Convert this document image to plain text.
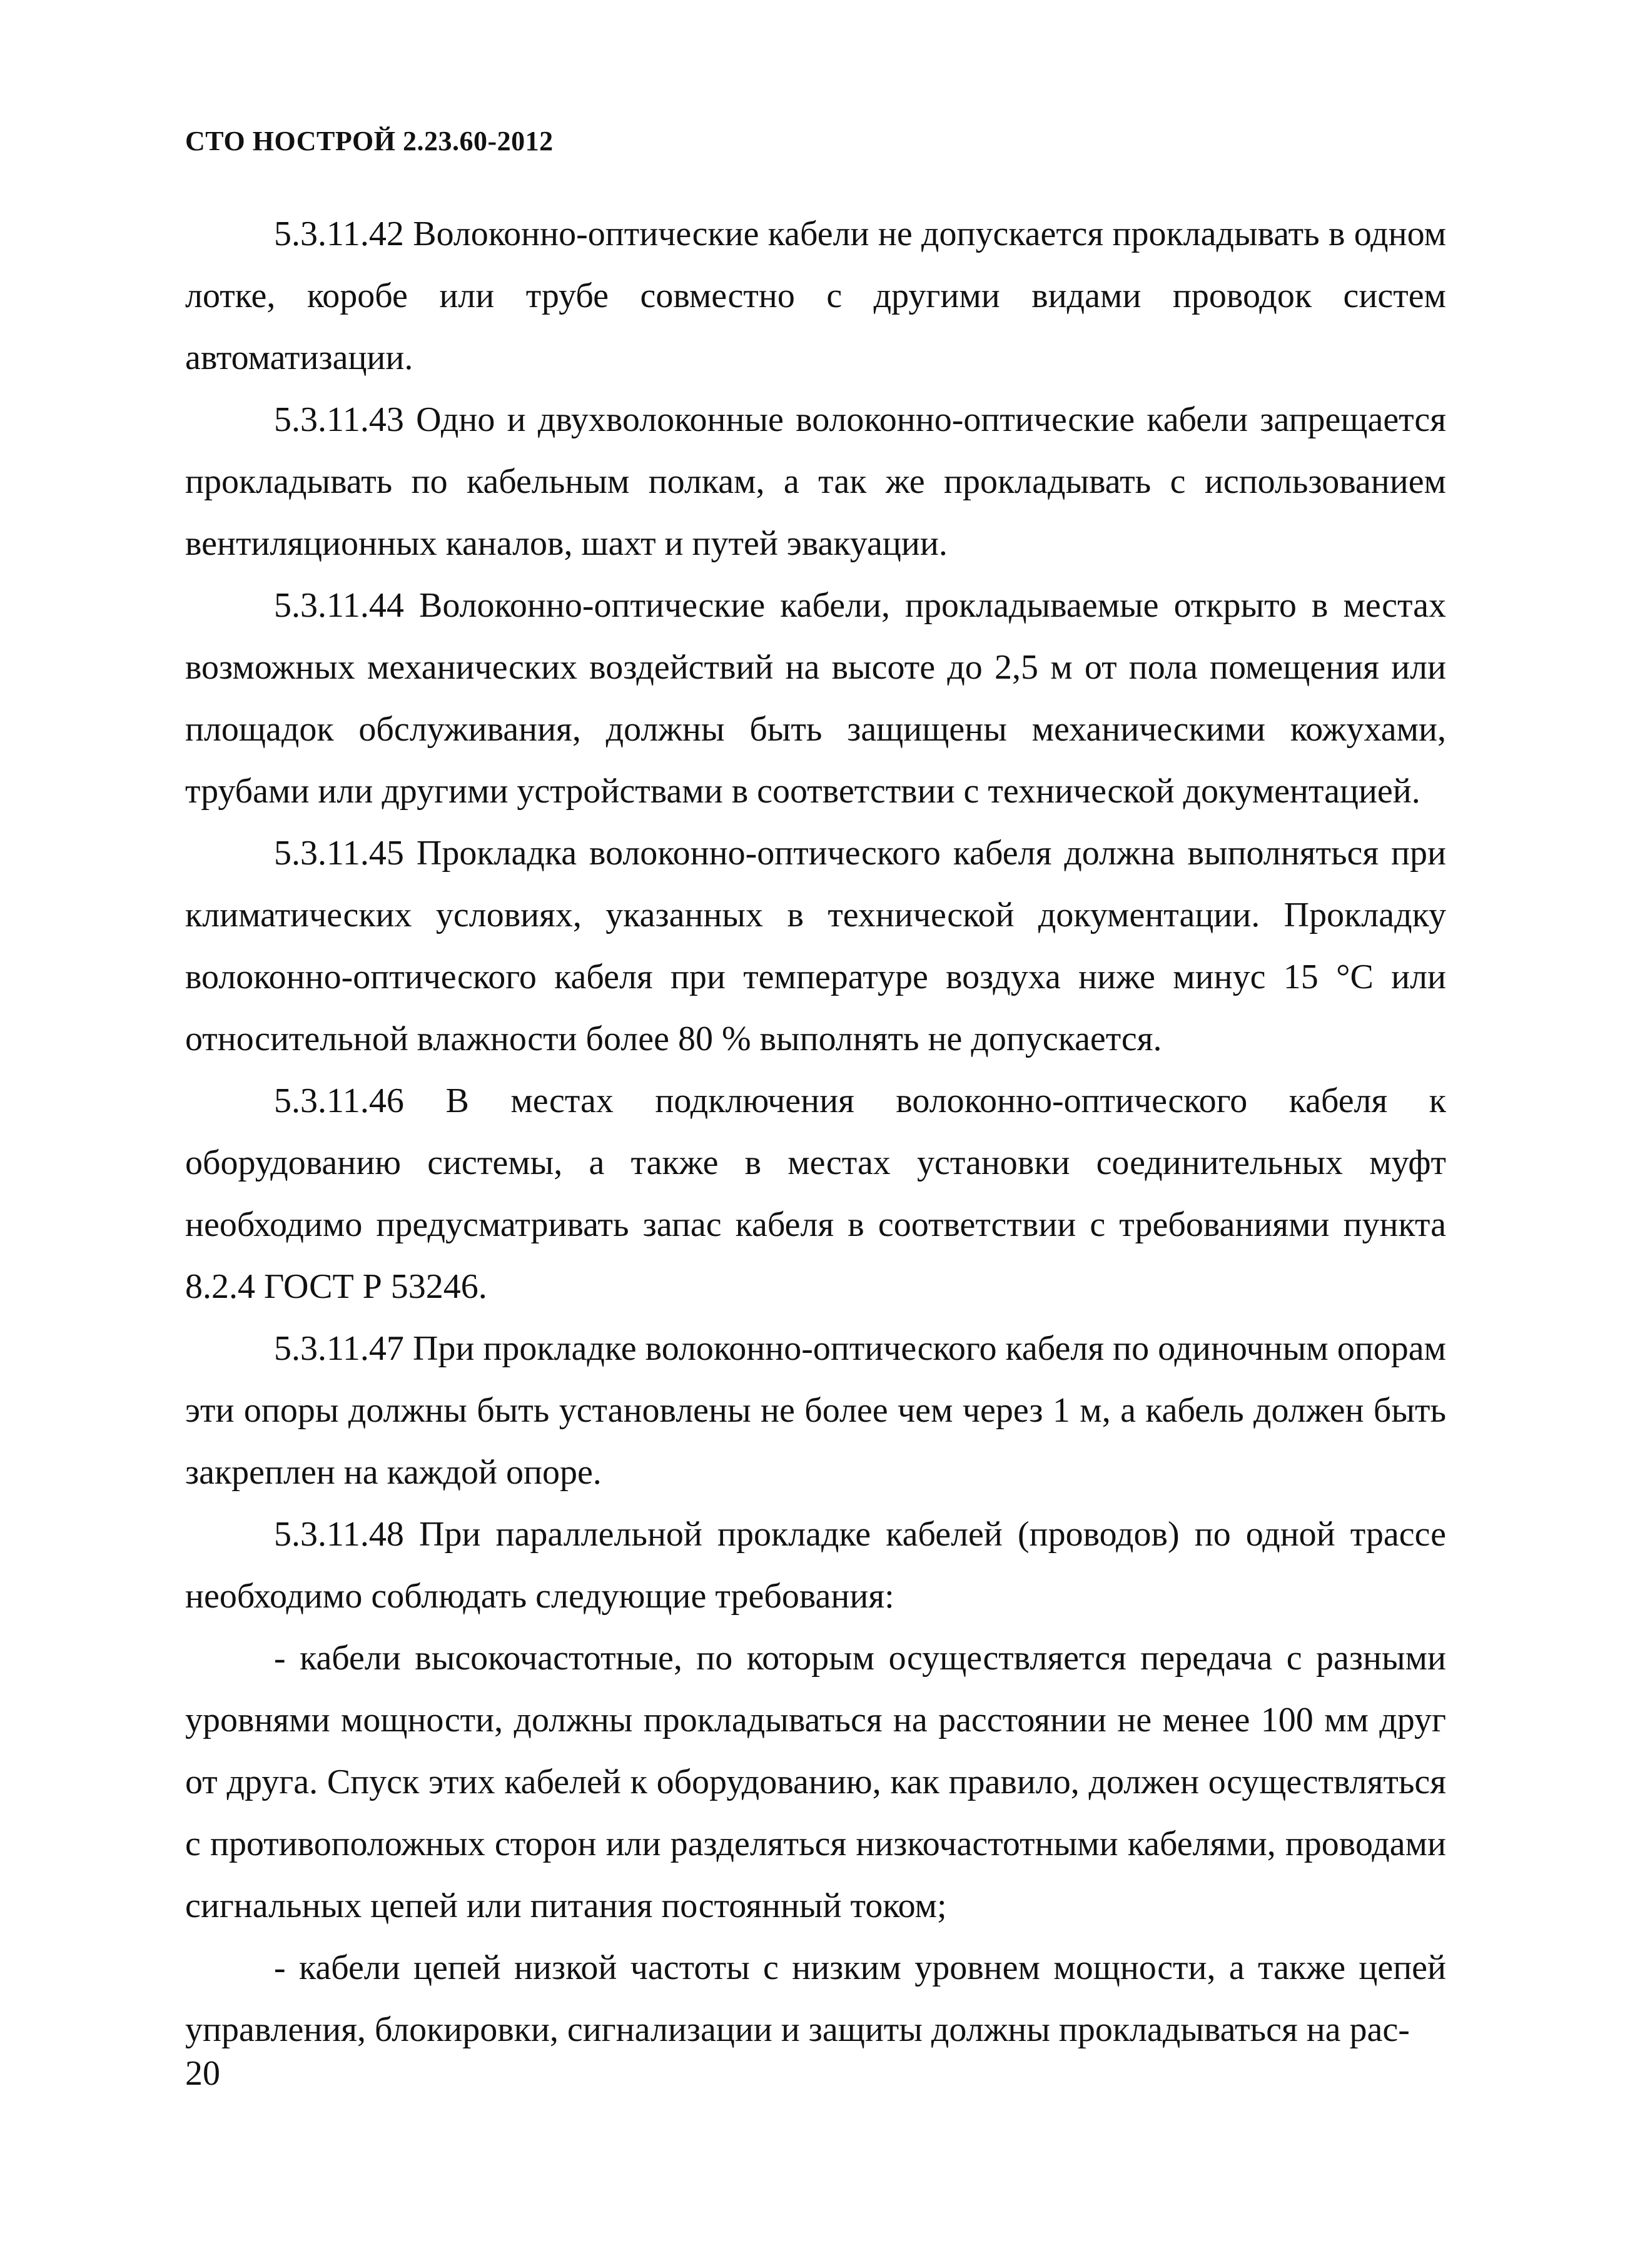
СТО НОСТРОЙ 2.23.60-2012

5.3.11.42 Волоконно-оптические кабели не допускается прокладывать в одном лотке, коробе или трубе совместно с другими видами проводок систем автоматизации.

5.3.11.43 Одно и двухволоконные волоконно-оптические кабели запрещается прокладывать по кабельным полкам, а так же прокладывать с использованием вентиляционных каналов, шахт и путей эвакуации.

5.3.11.44 Волоконно-оптические кабели, прокладываемые открыто в местах возможных механических воздействий на высоте до 2,5 м от пола помещения или площадок обслуживания, должны быть защищены механическими кожухами, трубами или другими устройствами в соответствии с технической документацией.

5.3.11.45 Прокладка волоконно-оптического кабеля должна выполняться при климатических условиях, указанных в технической документации. Прокладку волоконно-оптического кабеля при температуре воздуха ниже минус 15 °С или относительной влажности более 80 % выполнять не допускается.

5.3.11.46 В местах подключения волоконно-оптического кабеля к оборудованию системы, а также в местах установки соединительных муфт необходимо предусматривать запас кабеля в соответствии с требованиями пункта 8.2.4 ГОСТ Р 53246.

5.3.11.47 При прокладке волоконно-оптического кабеля по одиночным опорам эти опоры должны быть установлены не более чем через 1 м, а кабель должен быть закреплен на каждой опоре.

5.3.11.48 При параллельной прокладке кабелей (проводов) по одной трассе необходимо соблюдать следующие требования:

- кабели высокочастотные, по которым осуществляется передача с разными уровнями мощности, должны прокладываться на расстоянии не менее 100 мм друг от друга. Спуск этих кабелей к оборудованию, как правило, должен осуществляться с противоположных сторон или разделяться низкочастотными кабелями, проводами сигнальных цепей или питания постоянный током;

- кабели цепей низкой частоты с низким уровнем мощности, а также цепей управления, блокировки, сигнализации и защиты должны прокладываться на рас-

20
